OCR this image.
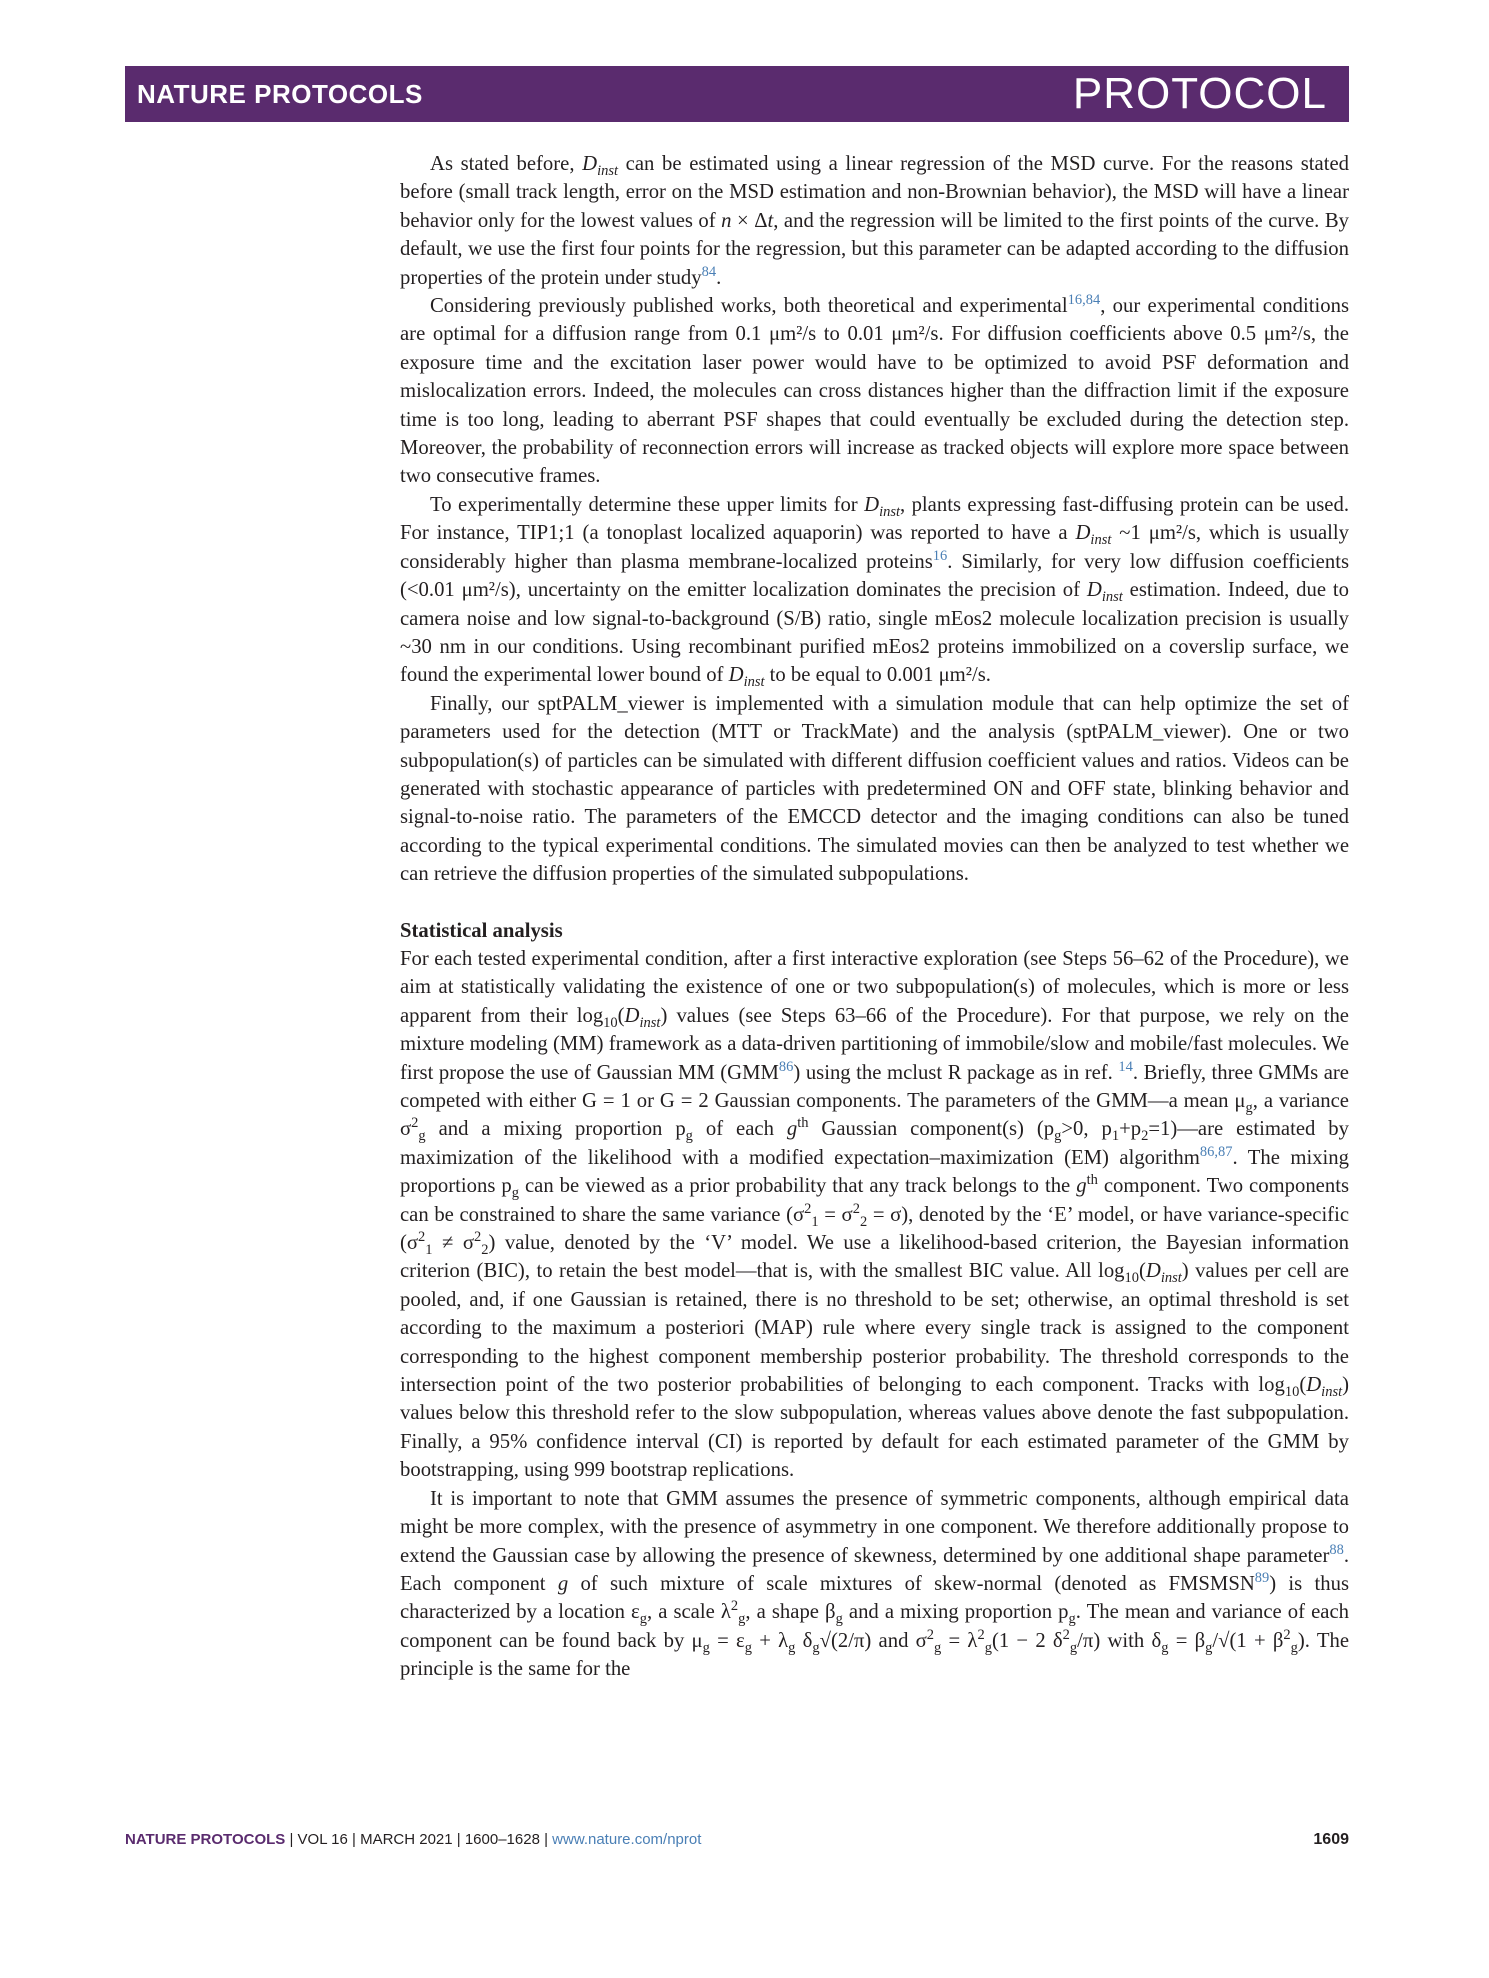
NATURE PROTOCOLS	PROTOCOL

As stated before, $D_{inst}$ can be estimated using a linear regression of the MSD curve. For the reasons stated before (small track length, error on the MSD estimation and non-Brownian behavior), the MSD will have a linear behavior only for the lowest values of n × Δt, and the regression will be limited to the first points of the curve. By default, we use the first four points for the regression, but this parameter can be adapted according to the diffusion properties of the protein under study$^{84}$.

Considering previously published works, both theoretical and experimental$^{16,84}$, our experimental conditions are optimal for a diffusion range from 0.1 μm²/s to 0.01 μm²/s. For diffusion coefficients above 0.5 μm²/s, the exposure time and the excitation laser power would have to be optimized to avoid PSF deformation and mislocalization errors. Indeed, the molecules can cross distances higher than the diffraction limit if the exposure time is too long, leading to aberrant PSF shapes that could eventually be excluded during the detection step. Moreover, the probability of reconnection errors will increase as tracked objects will explore more space between two consecutive frames.

To experimentally determine these upper limits for $D_{inst}$, plants expressing fast-diffusing protein can be used. For instance, TIP1;1 (a tonoplast localized aquaporin) was reported to have a $D_{inst}$ ~1 μm²/s, which is usually considerably higher than plasma membrane-localized proteins$^{16}$. Similarly, for very low diffusion coefficients (<0.01 μm²/s), uncertainty on the emitter localization dominates the precision of $D_{inst}$ estimation. Indeed, due to camera noise and low signal-to-background (S/B) ratio, single mEos2 molecule localization precision is usually ~30 nm in our conditions. Using recombinant purified mEos2 proteins immobilized on a coverslip surface, we found the experimental lower bound of $D_{inst}$ to be equal to 0.001 μm²/s.

Finally, our sptPALM_viewer is implemented with a simulation module that can help optimize the set of parameters used for the detection (MTT or TrackMate) and the analysis (sptPALM_viewer). One or two subpopulation(s) of particles can be simulated with different diffusion coefficient values and ratios. Videos can be generated with stochastic appearance of particles with predetermined ON and OFF state, blinking behavior and signal-to-noise ratio. The parameters of the EMCCD detector and the imaging conditions can also be tuned according to the typical experimental conditions. The simulated movies can then be analyzed to test whether we can retrieve the diffusion properties of the simulated subpopulations.

Statistical analysis

For each tested experimental condition, after a first interactive exploration (see Steps 56–62 of the Procedure), we aim at statistically validating the existence of one or two subpopulation(s) of molecules, which is more or less apparent from their $\log_{10}(D_{inst})$ values (see Steps 63–66 of the Procedure). For that purpose, we rely on the mixture modeling (MM) framework as a data-driven partitioning of immobile/slow and mobile/fast molecules. We first propose the use of Gaussian MM (GMM$^{86}$) using the mclust R package as in ref. $^{14}$. Briefly, three GMMs are competed with either G = 1 or G = 2 Gaussian components. The parameters of the GMM—a mean $\mu_g$, a variance $\sigma^2_g$ and a mixing proportion $p_g$ of each $g^{th}$ Gaussian component(s) ($p_g>0$, $p_1+p_2=1)—are$ estimated by maximization of the likelihood with a modified expectation–maximization (EM) algorithm$^{86,87}$. The mixing proportions $p_g$ can be viewed as a prior probability that any track belongs to the $g^{th}$ component. Two components can be constrained to share the same variance $(\sigma^2_1 = \sigma^2_2 = \sigma)$, denoted by the ‘E’ model, or have variance-specific $(\sigma^2_1 \ne \sigma^2_2)$ value, denoted by the ‘V’ model. We use a likelihood-based criterion, the Bayesian information criterion (BIC), to retain the best model—that is, with the smallest BIC value. All $\log_{10}(D_{inst})$ values per cell are pooled, and, if one Gaussian is retained, there is no threshold to be set; otherwise, an optimal threshold is set according to the maximum a posteriori (MAP) rule where every single track is assigned to the component corresponding to the highest component membership posterior probability. The threshold corresponds to the intersection point of the two posterior probabilities of belonging to each component. Tracks with $\log_{10}(D_{inst})$ values below this threshold refer to the slow subpopulation, whereas values above denote the fast subpopulation. Finally, a 95% confidence interval (CI) is reported by default for each estimated parameter of the GMM by bootstrapping, using 999 bootstrap replications.

It is important to note that GMM assumes the presence of symmetric components, although empirical data might be more complex, with the presence of asymmetry in one component. We therefore additionally propose to extend the Gaussian case by allowing the presence of skewness, determined by one additional shape parameter$^{88}$. Each component g of such mixture of scale mixtures of skew-normal (denoted as FMSMSN$^{89}$) is thus characterized by a location $\varepsilon_g$, a scale $\lambda^2_g$, a shape $\beta_g$ and a mixing proportion $p_g$. The mean and variance of each component can be found back by $\mu_g = \varepsilon_g + \lambda_g$ $\delta_g√(2/\pi)$ and $\sigma^2_g = \lambda^2_g(1 - 2$ $\delta^2_g/\pi$) with $\delta_g = \beta_g/√(1 + \beta^2_g)$. The principle is the same for the

NATURE PROTOCOLS | VOL 16 | MARCH 2021 | 1600–1628 | www.nature.com/nprot	1609
